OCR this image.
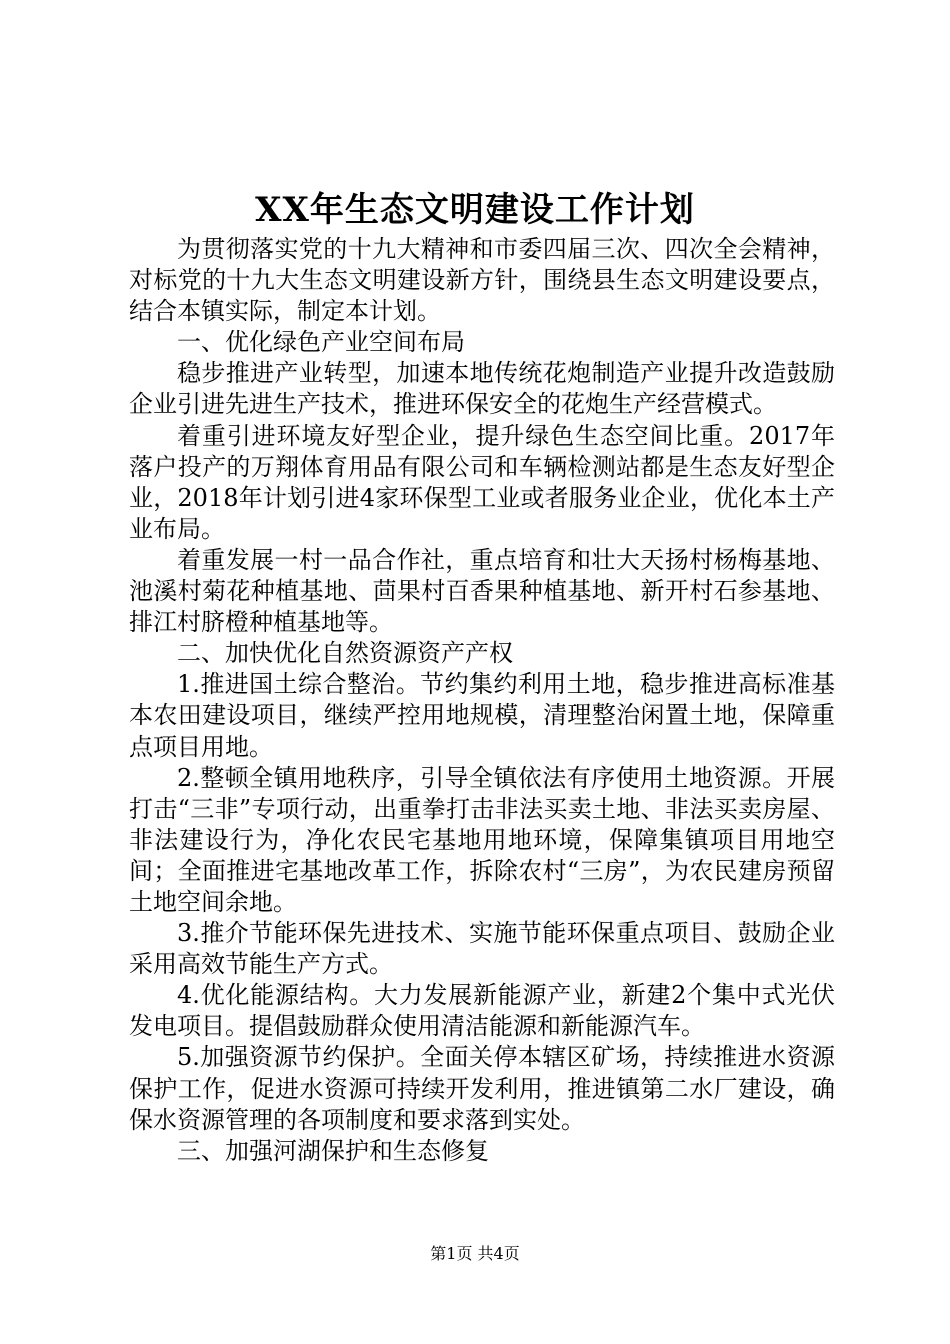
XX年生态文明建设工作计划

为贯彻落实党的十九大精神和市委四届三次、四次全会精神，对标党的十九大生态文明建设新方针，围绕县生态文明建设要点，结合本镇实际，制定本计划。

一、优化绿色产业空间布局

稳步推进产业转型，加速本地传统花炮制造产业提升改造鼓励企业引进先进生产技术，推进环保安全的花炮生产经营模式。

着重引进环境友好型企业，提升绿色生态空间比重。2017年落户投产的万翔体育用品有限公司和车辆检测站都是生态友好型企业，2018年计划引进4家环保型工业或者服务业企业，优化本土产业布局。

着重发展一村一品合作社，重点培育和壮大天扬村杨梅基地、池溪村菊花种植基地、茴果村百香果种植基地、新开村石参基地、排江村脐橙种植基地等。

二、加快优化自然资源资产产权

1.推进国土综合整治。节约集约利用土地，稳步推进高标准基本农田建设项目，继续严控用地规模，清理整治闲置土地，保障重点项目用地。

2.整顿全镇用地秩序，引导全镇依法有序使用土地资源。开展打击“三非”专项行动，出重拳打击非法买卖土地、非法买卖房屋、非法建设行为，净化农民宅基地用地环境，保障集镇项目用地空间；全面推进宅基地改革工作，拆除农村“三房”，为农民建房预留土地空间余地。

3.推介节能环保先进技术、实施节能环保重点项目、鼓励企业采用高效节能生产方式。

4.优化能源结构。大力发展新能源产业，新建2个集中式光伏发电项目。提倡鼓励群众使用清洁能源和新能源汽车。

5.加强资源节约保护。全面关停本辖区矿场，持续推进水资源保护工作，促进水资源可持续开发利用，推进镇第二水厂建设，确保水资源管理的各项制度和要求落到实处。

三、加强河湖保护和生态修复

第1页 共4页
